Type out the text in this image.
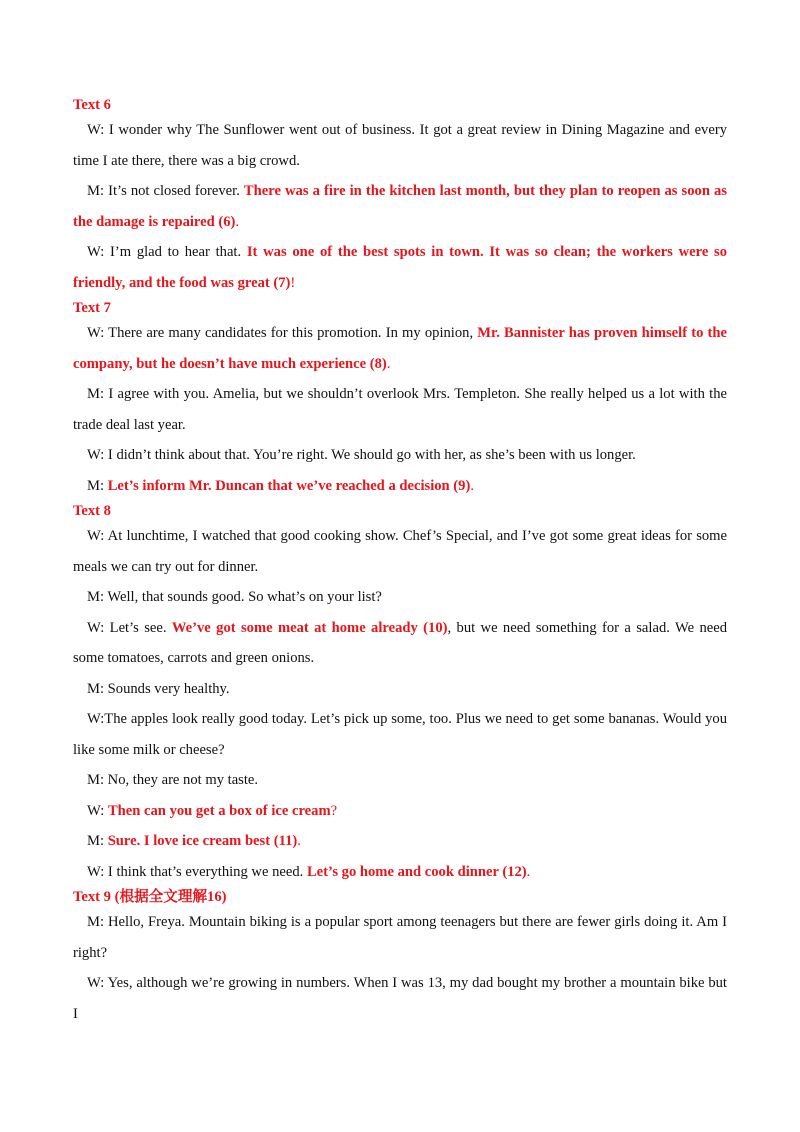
Text 6

W: I wonder why The Sunflower went out of business. It got a great review in Dining Magazine and every time I ate there, there was a big crowd.

M: It’s not closed forever. There was a fire in the kitchen last month, but they plan to reopen as soon as the damage is repaired (6).

W: I’m glad to hear that. It was one of the best spots in town. It was so clean; the workers were so friendly, and the food was great (7)!

Text 7

W: There are many candidates for this promotion. In my opinion, Mr. Bannister has proven himself to the company, but he doesn’t have much experience (8).

M: I agree with you. Amelia, but we shouldn’t overlook Mrs. Templeton. She really helped us a lot with the trade deal last year.

W: I didn’t think about that. You’re right. We should go with her, as she’s been with us longer.

M: Let’s inform Mr. Duncan that we’ve reached a decision (9).

Text 8

W: At lunchtime, I watched that good cooking show. Chef’s Special, and I’ve got some great ideas for some meals we can try out for dinner.

M: Well, that sounds good. So what’s on your list?

W: Let’s see. We’ve got some meat at home already (10), but we need something for a salad. We need some tomatoes, carrots and green onions.

M: Sounds very healthy.

W:The apples look really good today. Let’s pick up some, too. Plus we need to get some bananas. Would you like some milk or cheese?

M: No, they are not my taste.

W: Then can you get a box of ice cream?

M: Sure. I love ice cream best (11).

W: I think that’s everything we need. Let’s go home and cook dinner (12).

Text 9 (根据全文理解16)

M: Hello, Freya. Mountain biking is a popular sport among teenagers but there are fewer girls doing it. Am I right?

W: Yes, although we’re growing in numbers. When I was 13, my dad bought my brother a mountain bike but I
